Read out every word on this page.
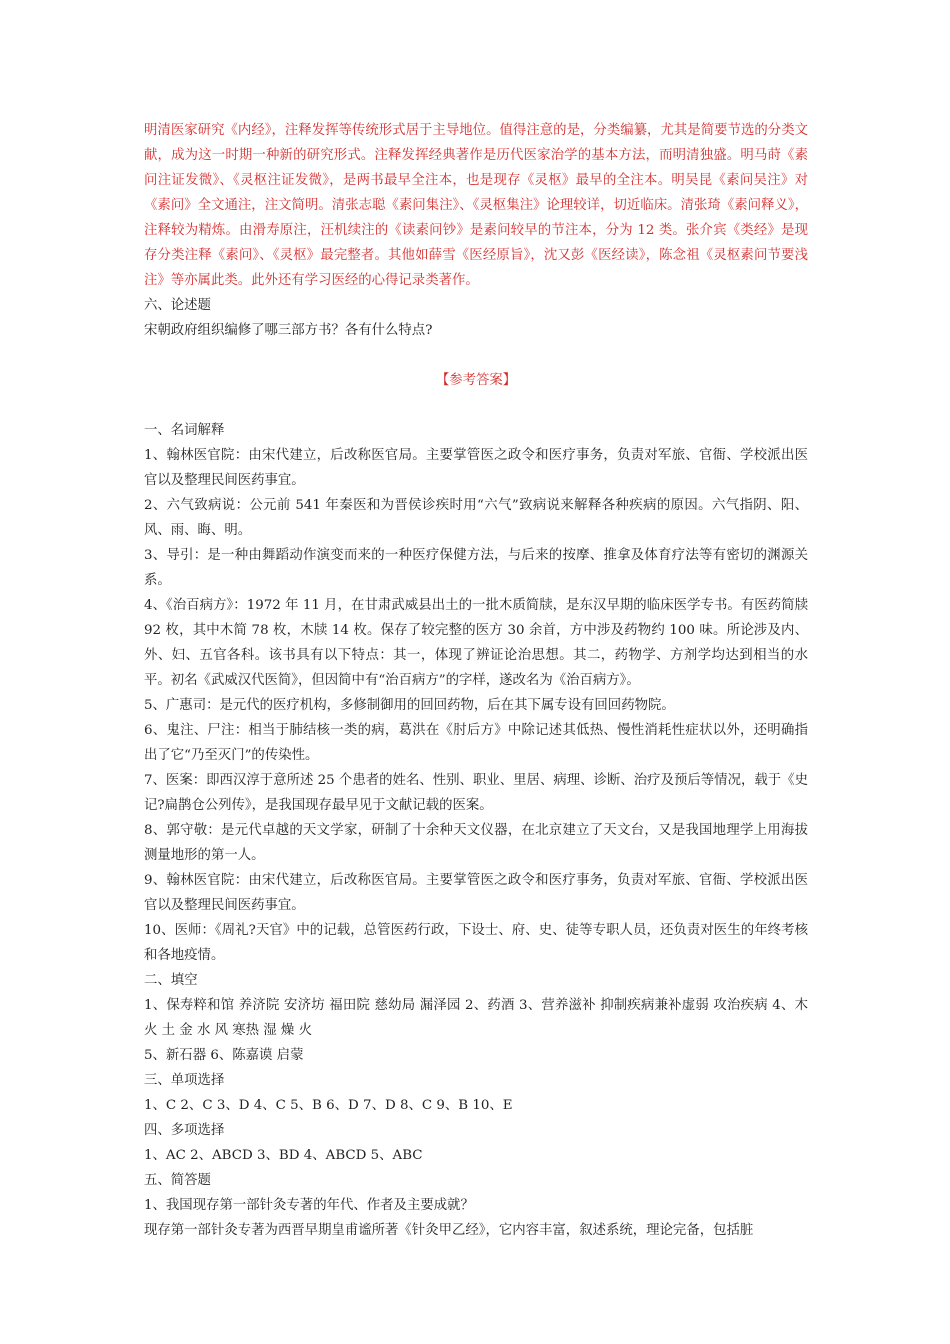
明清医家研究《内经》，注释发挥等传统形式居于主导地位。值得注意的是，分类编纂，尤其是简要节选的分类文献，成为这一时期一种新的研究形式。注释发挥经典著作是历代医家治学的基本方法，而明清独盛。明马莳《素问注证发微》、《灵枢注证发微》，是两书最早全注本，也是现存《灵枢》最早的全注本。明吴昆《素问吴注》对《素问》全文通注，注文简明。清张志聪《素问集注》、《灵枢集注》论理较详，切近临床。清张琦《素问释义》，注释较为精炼。由滑寿原注，汪机续注的《读素问钞》是素问较早的节注本，分为 12 类。张介宾《类经》是现存分类注释《素问》、《灵枢》最完整者。其他如薛雪《医经原旨》，沈又彭《医经读》，陈念祖《灵枢素问节要浅注》等亦属此类。此外还有学习医经的心得记录类著作。

六、论述题

宋朝政府组织编修了哪三部方书？各有什么特点?

【参考答案】

一、名词解释

1、翰林医官院：由宋代建立，后改称医官局。主要掌管医之政令和医疗事务，负责对军旅、官衙、学校派出医官以及整理民间医药事宜。

2、六气致病说：公元前 541 年秦医和为晋侯诊疾时用“六气”致病说来解释各种疾病的原因。六气指阴、阳、风、雨、晦、明。

3、导引：是一种由舞蹈动作演变而来的一种医疗保健方法，与后来的按摩、推拿及体育疗法等有密切的渊源关系。

4、《治百病方》：1972 年 11 月，在甘肃武威县出土的一批木质简牍，是东汉早期的临床医学专书。有医药简牍 92 枚，其中木简 78 枚，木牍 14 枚。保存了较完整的医方 30 余首，方中涉及药物约 100 味。所论涉及内、外、妇、五官各科。该书具有以下特点：其一，体现了辨证论治思想。其二，药物学、方剂学均达到相当的水平。初名《武威汉代医简》，但因简中有“治百病方”的字样，遂改名为《治百病方》。

5、广惠司：是元代的医疗机构，多修制御用的回回药物，后在其下属专设有回回药物院。

6、鬼注、尸注：相当于肺结核一类的病，葛洪在《肘后方》中除记述其低热、慢性消耗性症状以外，还明确指出了它“乃至灭门”的传染性。

7、医案：即西汉淳于意所述 25 个患者的姓名、性别、职业、里居、病理、诊断、治疗及预后等情况，载于《史记?扁鹊仓公列传》，是我国现存最早见于文献记载的医案。

8、郭守敬：是元代卓越的天文学家，研制了十余种天文仪器，在北京建立了天文台，又是我国地理学上用海拔测量地形的第一人。

9、翰林医官院：由宋代建立，后改称医官局。主要掌管医之政令和医疗事务，负责对军旅、官衙、学校派出医官以及整理民间医药事宜。

10、医师：《周礼?天官》中的记载，总管医药行政，下设士、府、史、徒等专职人员，还负责对医生的年终考核和各地疫情。

二、填空

1、保寿粹和馆 养济院 安济坊 福田院 慈幼局 漏泽园 2、药酒 3、营养滋补 抑制疾病兼补虚弱 攻治疾病 4、木 火 土 金 水 风 寒热 湿 燥 火

5、新石器 6、陈嘉谟 启蒙

三、单项选择

1、C 2、C 3、D 4、C 5、B 6、D 7、D 8、C 9、B 10、E

四、多项选择

1、AC 2、ABCD 3、BD 4、ABCD 5、ABC

五、简答题

1、我国现存第一部针灸专著的年代、作者及主要成就？

现存第一部针灸专著为西晋早期皇甫谧所著《针灸甲乙经》，它内容丰富，叙述系统，理论完备，包括脏
